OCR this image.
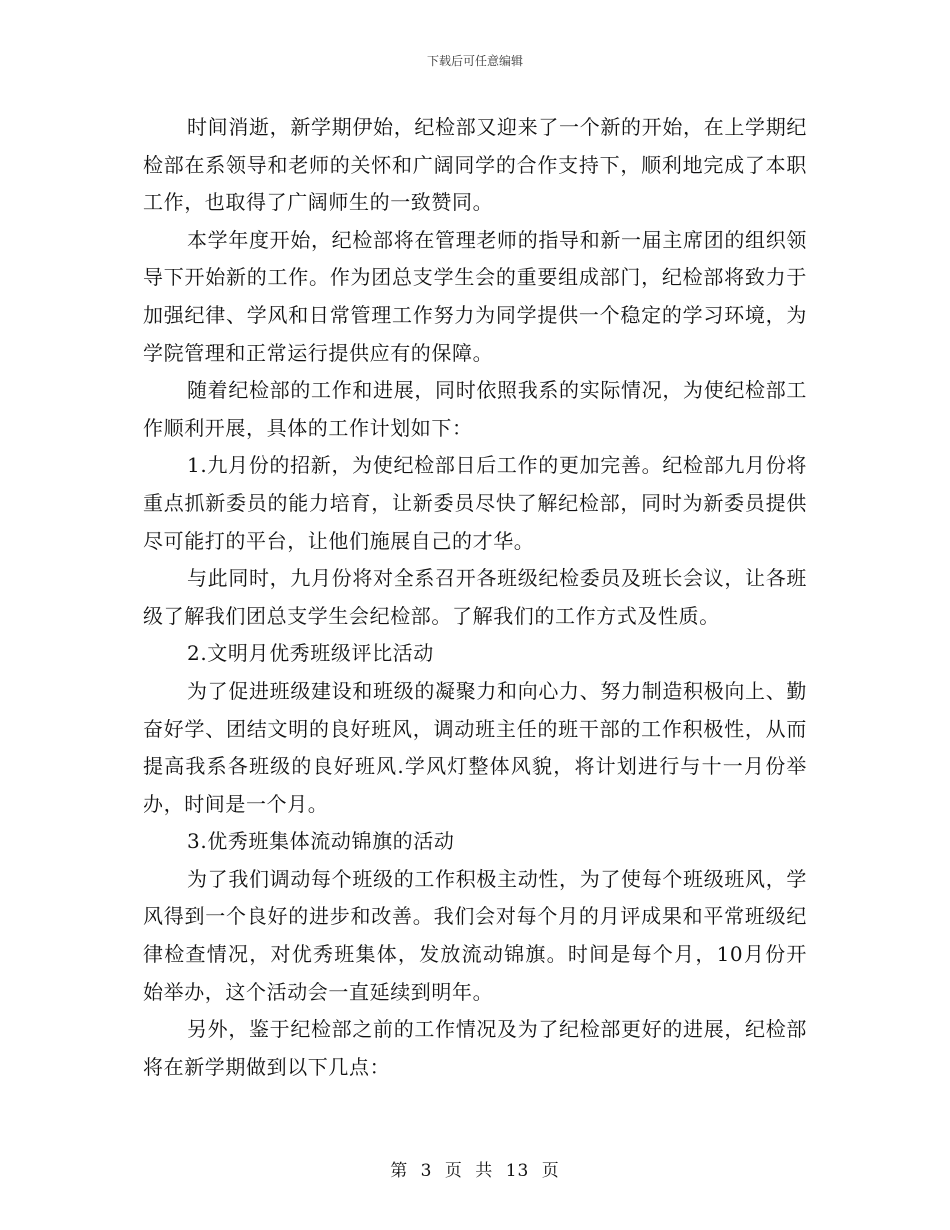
下载后可任意编辑

时间消逝，新学期伊始，纪检部又迎来了一个新的开始，在上学期纪检部在系领导和老师的关怀和广阔同学的合作支持下，顺利地完成了本职工作，也取得了广阔师生的一致赞同。

本学年度开始，纪检部将在管理老师的指导和新一届主席团的组织领导下开始新的工作。作为团总支学生会的重要组成部门，纪检部将致力于加强纪律、学风和日常管理工作努力为同学提供一个稳定的学习环境，为学院管理和正常运行提供应有的保障。

随着纪检部的工作和进展，同时依照我系的实际情况，为使纪检部工作顺利开展，具体的工作计划如下：

1.九月份的招新，为使纪检部日后工作的更加完善。纪检部九月份将重点抓新委员的能力培育，让新委员尽快了解纪检部，同时为新委员提供尽可能打的平台，让他们施展自己的才华。

与此同时，九月份将对全系召开各班级纪检委员及班长会议，让各班级了解我们团总支学生会纪检部。了解我们的工作方式及性质。

2.文明月优秀班级评比活动

为了促进班级建设和班级的凝聚力和向心力、努力制造积极向上、勤奋好学、团结文明的良好班风，调动班主任的班干部的工作积极性，从而提高我系各班级的良好班风.学风灯整体风貌，将计划进行与十一月份举办，时间是一个月。

3.优秀班集体流动锦旗的活动

为了我们调动每个班级的工作积极主动性，为了使每个班级班风，学风得到一个良好的进步和改善。我们会对每个月的月评成果和平常班级纪律检查情况，对优秀班集体，发放流动锦旗。时间是每个月，10月份开始举办，这个活动会一直延续到明年。

另外，鉴于纪检部之前的工作情况及为了纪检部更好的进展，纪检部将在新学期做到以下几点：

第 3 页 共 13 页
